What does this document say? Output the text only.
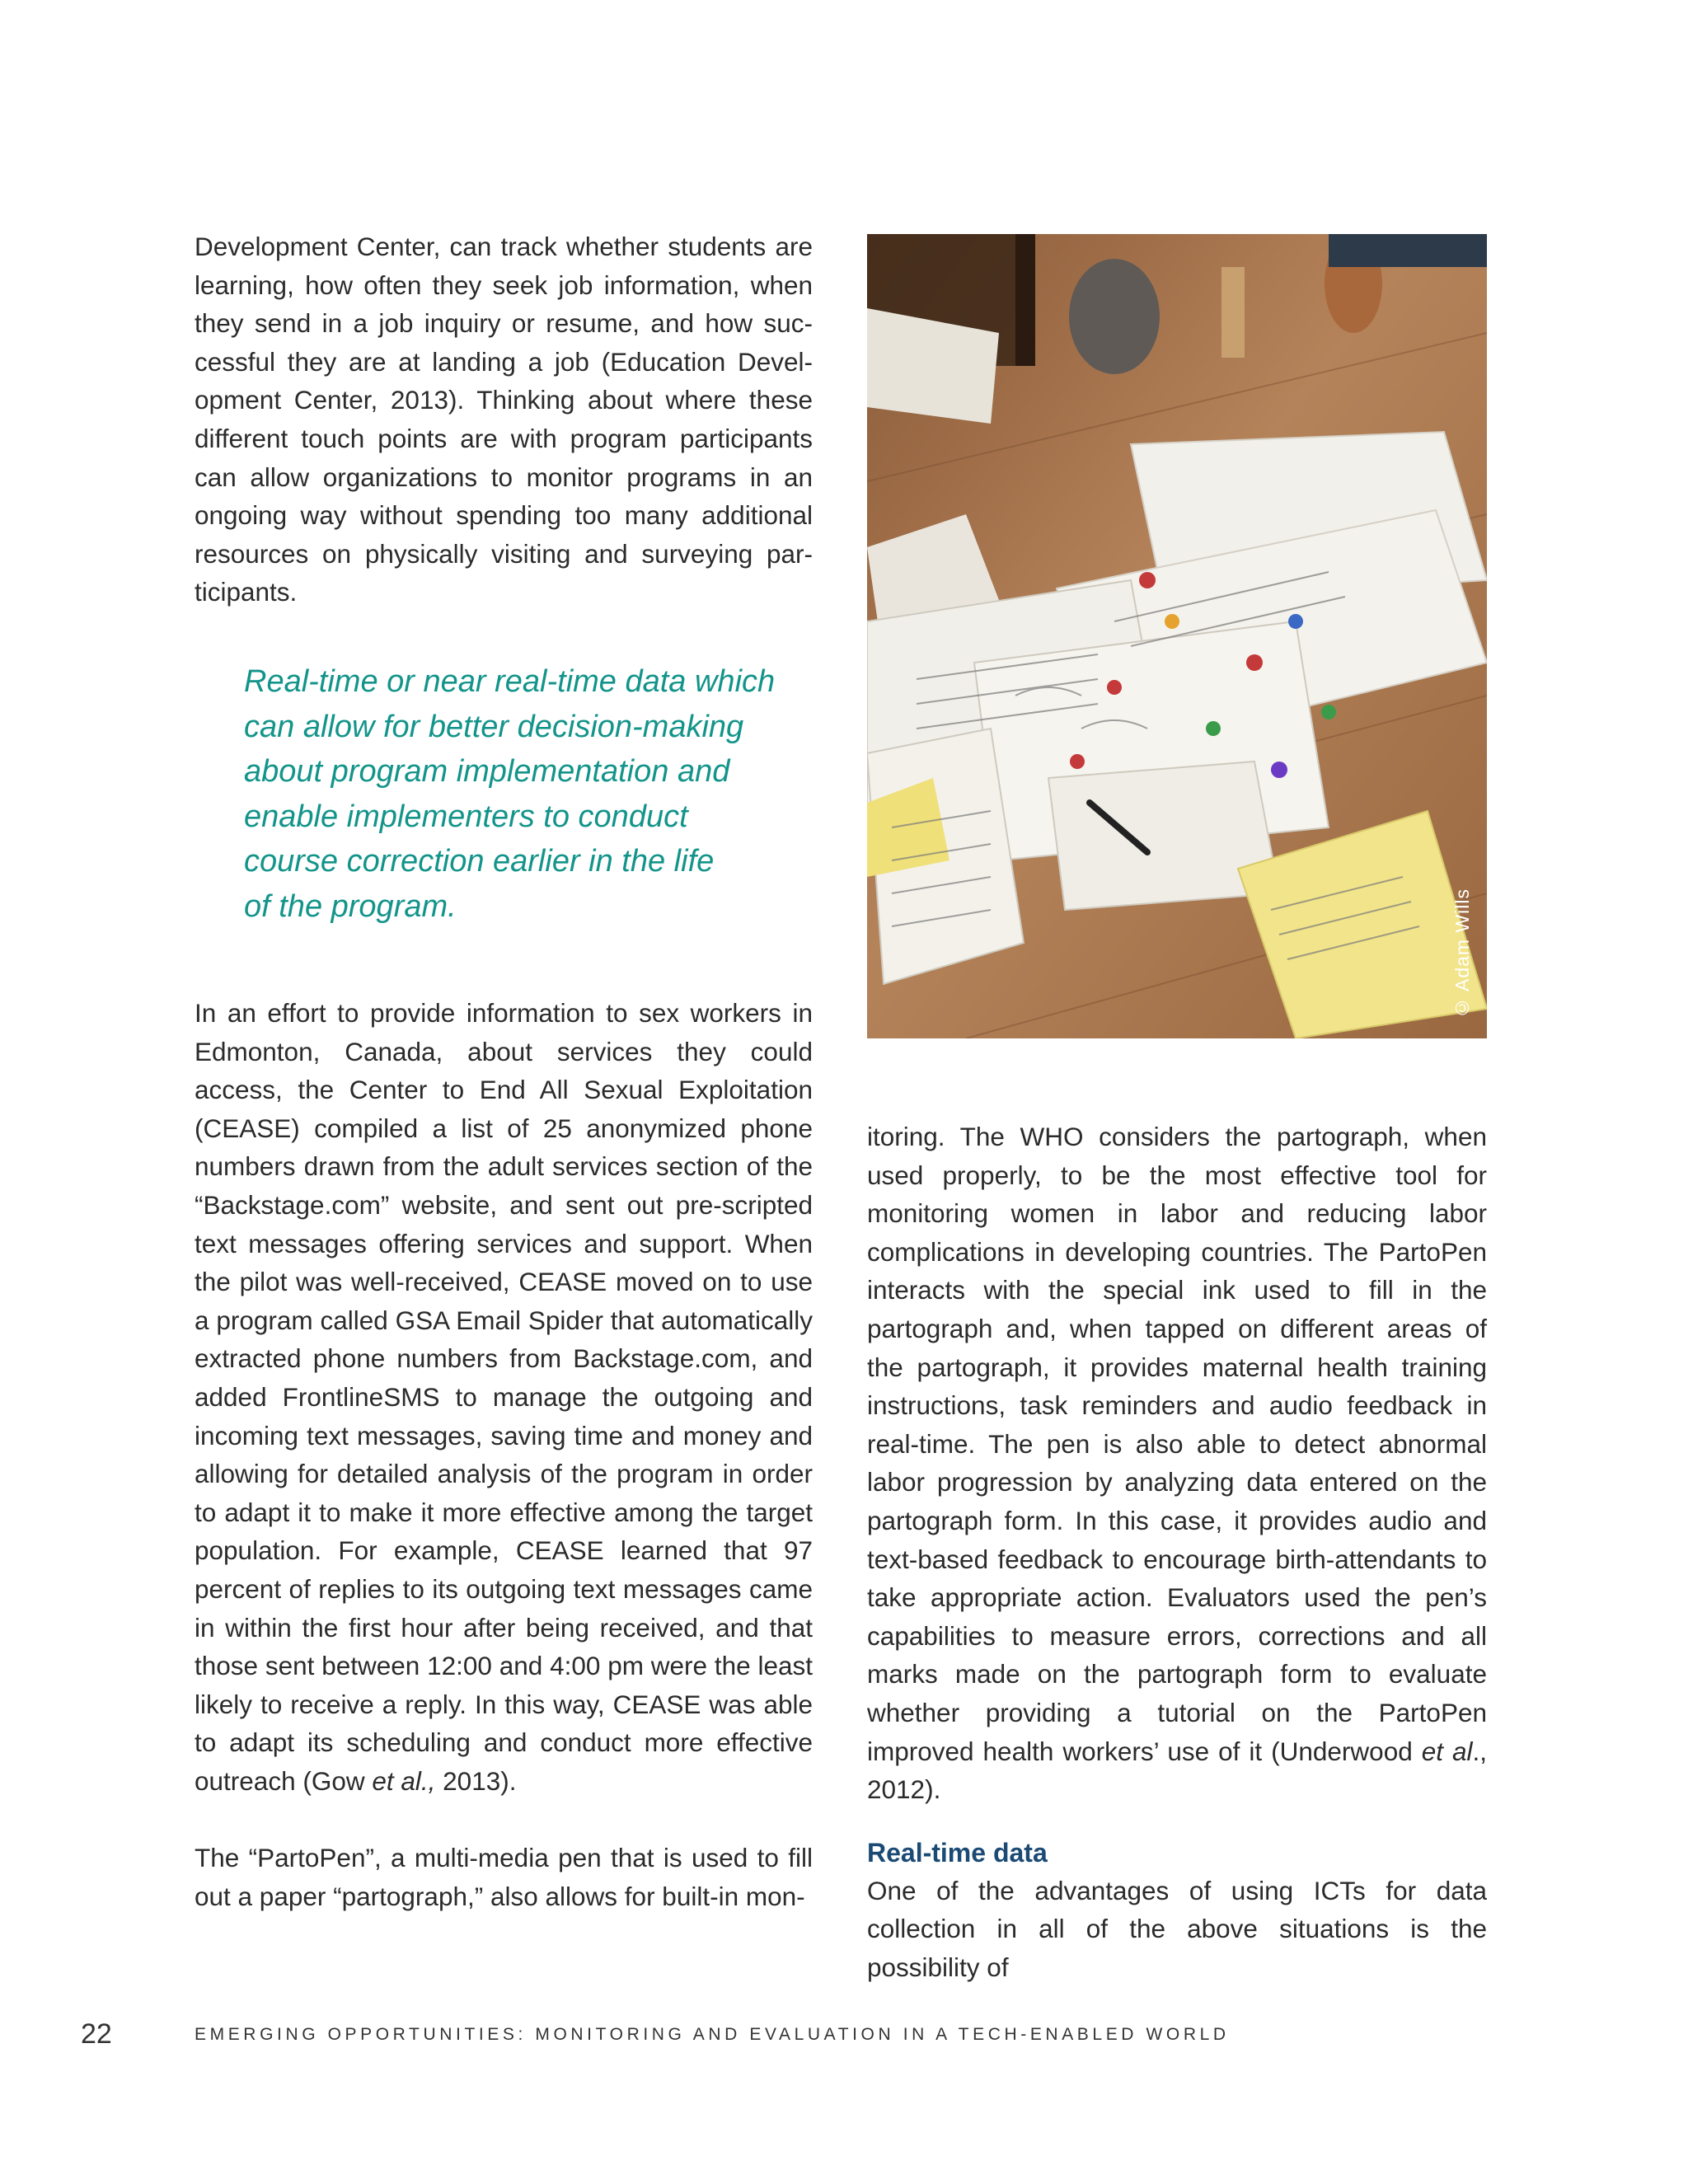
Development Center, can track whether students are learning, how often they seek job information, when they send in a job inquiry or resume, and how suc- cessful they are at landing a job (Education Devel- opment Center, 2013). Thinking about where these different touch points are with program participants can allow organizations to monitor programs in an ongoing way without spending too many additional resources on physically visiting and surveying par- ticipants.

Real-time or near real-time data which
can allow for better decision-making
about program implementation and
enable implementers to conduct
course correction earlier in the life
of the program.

In an effort to provide information to sex workers in Edmonton, Canada, about services they could access, the Center to End All Sexual Exploitation (CEASE) compiled a list of 25 anonymized phone numbers drawn from the adult services section of the “Backstage.com” website, and sent out pre-scripted text messages offering services and support. When the pilot was well-received, CEASE moved on to use a program called GSA Email Spider that automatically extracted phone numbers from Backstage.com, and added FrontlineSMS to manage the outgoing and incoming text messages, saving time and money and allowing for detailed analysis of the program in order to adapt it to make it more effective among the target population. For example, CEASE learned that 97 percent of replies to its outgoing text messages came in within the first hour after being received, and that those sent between 12:00 and 4:00 pm were the least likely to receive a reply. In this way, CEASE was able to adapt its scheduling and conduct more effective outreach (Gow et al., 2013).

The “PartoPen”, a multi-media pen that is used to fill out a paper “partograph,” also allows for built-in mon-

© Adam Wills

itoring. The WHO considers the partograph, when used properly, to be the most effective tool for monitoring women in labor and reducing labor complications in developing countries. The PartoPen interacts with the special ink used to fill in the partograph and, when tapped on different areas of the partograph, it provides maternal health training instructions, task reminders and audio feedback in real-time. The pen is also able to detect abnormal labor progression by analyzing data entered on the partograph form. In this case, it provides audio and text-based feedback to encourage birth-attendants to take appropriate action. Evaluators used the pen’s capabilities to measure errors, corrections and all marks made on the partograph form to evaluate whether providing a tutorial on the PartoPen improved health workers’ use of it (Underwood et al., 2012).

Real-time data

One of the advantages of using ICTs for data collection in all of the above situations is the possibility of

22	EMERGING OPPORTUNITIES: MONITORING AND EVALUATION IN A TECH-ENABLED WORLD
